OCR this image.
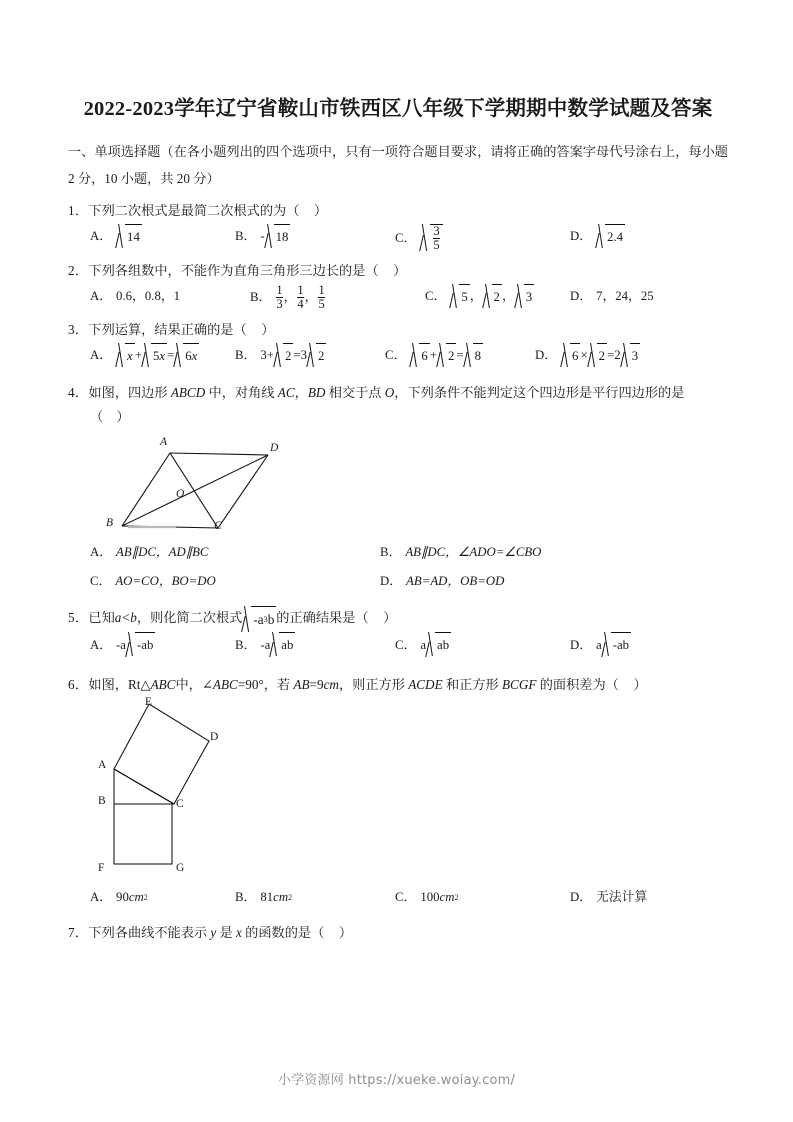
2022-2023学年辽宁省鞍山市铁西区八年级下学期期中数学试题及答案
一、单项选择题（在各小题列出的四个选项中，只有一项符合题目要求，请将正确的答案字母代号涂右上，每小题 2 分，10 小题，共 20 分）

1．下列二次根式是最简二次根式的为（ ）

A． 14	B． - 18	C． $\frac{3}{5}$	D． 2.4

2．下列各组数中，不能作为直角三角形三边长的是（ ）

A． 0.6，0.8，1	B． $\frac{1}{3}$ ， $\frac{1}{4}$ ， $\frac{1}{5}$	C． 5 ， 2 ， 3	D． 7，24，25

3．下列运算，结果正确的是（ ）

A． x + 5 x = 6 x	B． 3+ 2 =3 2	C． 6 + 2 = 8	D． 6 × 2 =2 3

4．如图，四边形 ABCD 中，对角线 AC，BD 相交于点 O，下列条件不能判定这个四边形是平行四边形的是

（　）

A
B	C
D
O
A． AB∥DC，AD∥BC	B． AB∥DC，∠ADO=∠CBO
C． AO=CO，BO=DO	D． AB=AD，OB=OD

5．已知a<b，则化简二次根式 -a 3 b 的正确结果是（ ）

A． -a -ab	B． -a ab	C． a ab	D． a -ab

6．如图，Rt△ABC中，∠ABC=90°，若 AB=9cm，则正方形 ACDE 和正方形 BCGF 的面积差为（ ）

E
D
A
B	C
F	G
A． 90 cm 2	B． 81 cm 2	C． 100 cm 2	D． 无法计算

7．下列各曲线不能表示 y 是 x 的函数的是（ ）

小学资源网 https://xueke.woiay.com/
